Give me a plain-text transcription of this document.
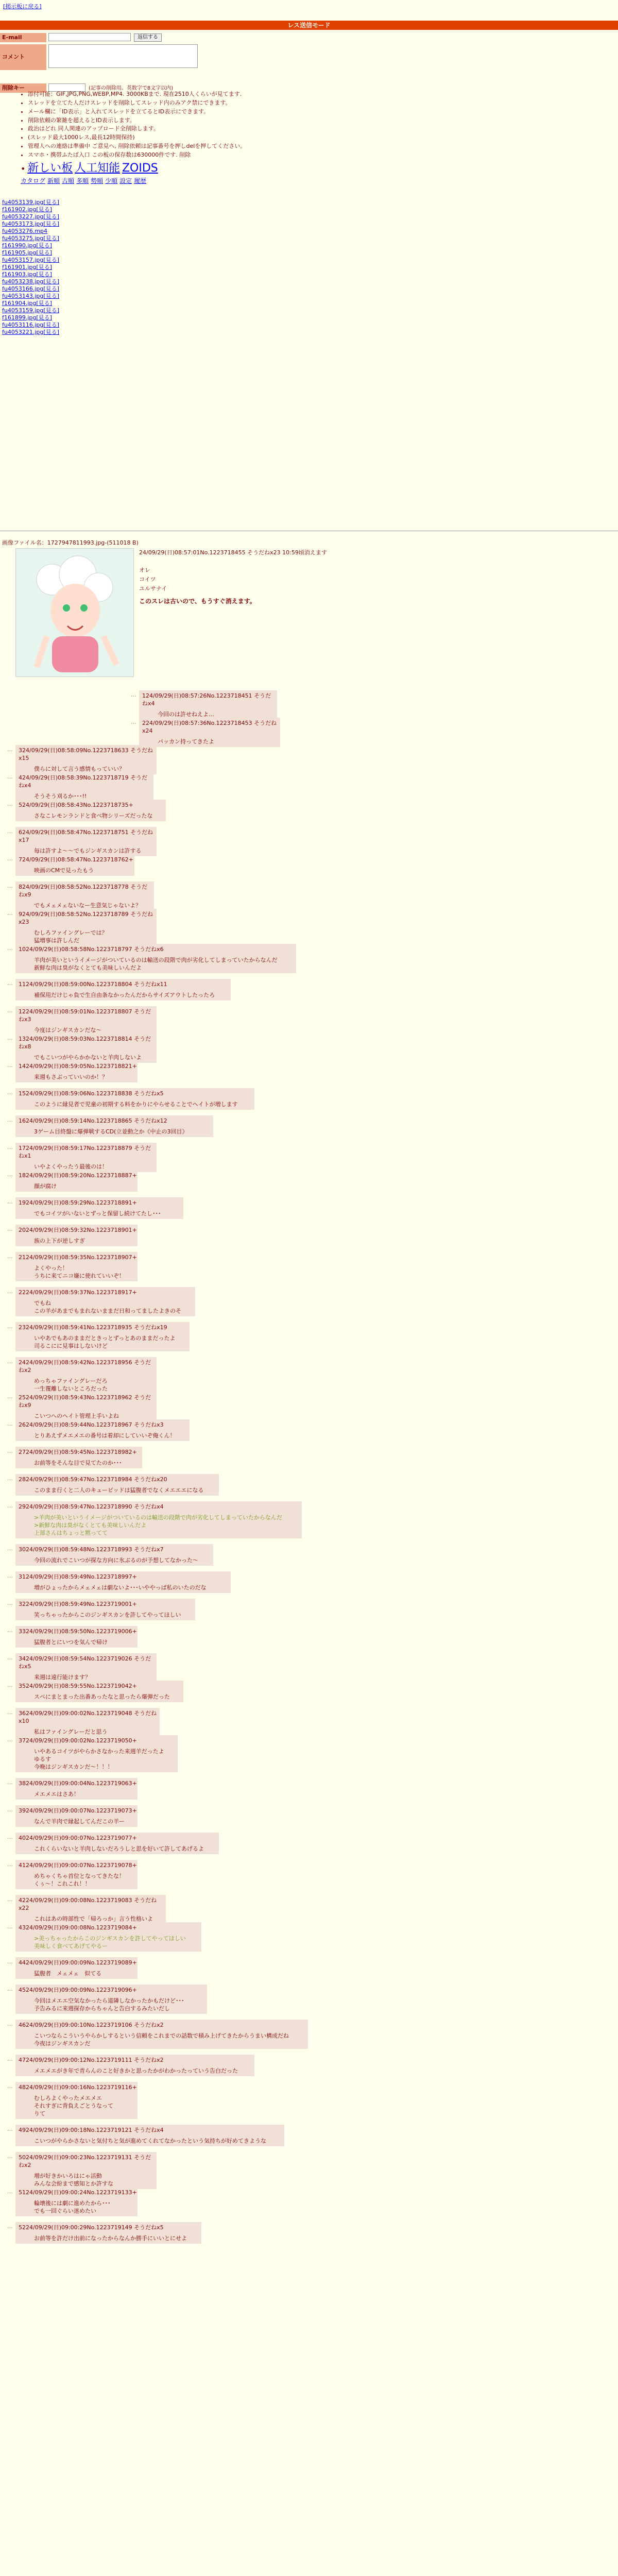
[掲示板に戻る]
レス送信モード
E-mail	返信する
コメント
削除キー	(記事の削除用。英数字で8文字以内)
• 添付可能：GIF,JPG,PNG,WEBP,MP4. 3000KBまで. 現在2510人くらいが見てます.
• スレッドを立てた人だけスレッドを削除してスレッド内のみアク禁にできます。
• メール欄に「ID表示」と入れてスレッドを立てるとID表示にできます。
• 削除依頼の繁雑を超えるとID表示します。
• 政治はどれ 同人関連のアップロード全削除します。
• (スレッド最大1000レス,最長12時間保持)
• 管理人への連絡は準備中 ご意見へ, 削除依頼は記事番号を押しdelを押してください。
• スマホ・携帯ふたば入口 この板の保存数は630000件です. 削除
• 新しい板 人工知能 ZOIDS
カタログ 新順 古順 多順 勢順 少順 設定 履歴
fu4053139.jpg[見る]
f161902.jpg[見る]
fu4053227.jpg[見る]
fu4053173.jpg[見る]
fu4053276.mp4
fu4053275.jpg[見る]
f161990.jpg[見る]
f161905.jpg[見る]
fu4053157.jpg[見る]
f161901.jpg[見る]
f161903.jpg[見る]
fu4053238.jpg[見る]
fu4053166.jpg[見る]
fu4053143.jpg[見る]
f161904.jpg[見る]
fu4053159.jpg[見る]
f161899.jpg[見る]
fu4053116.jpg[見る]
fu4053221.jpg[見る]
画像ファイル名：1727947811993.jpg-(511018 B)
24/09/29(日)08:57:01No.1223718455 そうだねx23 10:59頃消えます
オレ
コイツ
ユルサナイ
このスレは古いので、もうすぐ消えます。
… 124/09/29(日)08:57:26No.1223718451 そうだねx4
今回のは許せねえよ…
… 224/09/29(日)08:57:36No.1223718453 そうだねx24
パッカン持ってきたよ
… 324/09/29(日)08:58:09No.1223718633 そうだねx15
僕らに対して言う感情もっていい？
… 424/09/29(日)08:58:39No.1223718719 そうだねx4
そうそう刈るか･･･!!
… 524/09/29(日)08:58:43No.1223718735+
さなこレモンランドと食べ物シリーズだったな
… 624/09/29(日)08:58:47No.1223718751 そうだねx17
毎は許すよ～～でもジンギスカンは許する
… 724/09/29(日)08:58:47No.1223718762+
映画のCMで見ったもう
… 824/09/29(日)08:58:52No.1223718778 そうだねx9
でもメェメェないなー生意気じゃないよ？
… 924/09/29(日)08:58:52No.1223718789 そうだねx23
むしろファイングレーでは？
猛増事は許しんだ
… 1024/09/29(日)08:58:58No.1223718797 そうだねx6
羊肉が美いというイメージがついているのは輸送の段階で肉が劣化してしまっていたからなんだ
新鮮な肉は臭がなくとても美味しいんだよ
… 1124/09/29(日)08:59:00No.1223718804 そうだねx11
補保用だけじゃ負で生自由条なかったんだからサイズアウトしたったろ
… 1224/09/29(日)08:59:01No.1223718807 そうだねx3
今度はジンギスカンだな～
… 1324/09/29(日)08:59:03No.1223718814 そうだねx8
でもこいつがやらかかないと羊肉しないよ
… 1424/09/29(日)08:59:05No.1223718821+
来週もさぶっていいのか！？
… 1524/09/29(日)08:59:06No.1223718838 そうだねx5
このように縁見者で児童の初期する料をかりにやらせることでヘイトが増します
… 1624/09/29(日)08:59:14No.1223718865 そうだねx12
3ゲーム目終盤に爆弾戦するCD(立並動之か《中止の3回目》
… 1724/09/29(日)08:59:17No.1223718879 そうだねx1
いやよくやったう最後のは！
… 1824/09/29(日)08:59:20No.1223718887+
顔が腐け
… 1924/09/29(日)08:59:29No.1223718891+
でもコイツがいないとずっと保留し続けてたし･･･
… 2024/09/29(日)08:59:32No.1223718901+
族の上下が逆しすぎ
… 2124/09/29(日)08:59:35No.1223718907+
よくやった！
うちに来てニコ嫌に使れていいぞ！
… 2224/09/29(日)08:59:37No.1223718917+
でもね
この羊があまでもまれないままだ日和ってましたよきのそ
… 2324/09/29(日)08:59:41No.1223718935 そうだねx19
いやあでもあのままだときっとずっとあのままだったよ
司るこにに見事はしないけど
… 2424/09/29(日)08:59:42No.1223718956 そうだねx2
めっちゃファイングレーだろ
一生覆離しないところだった
… 2524/09/29(日)08:59:43No.1223718962 そうだねx9
こいつへのヘイト管理上手いよね
… 2624/09/29(日)08:59:44No.1223718967 そうだねx3
とりあえずメエメエの番号は着却にしていいぞ俺くん！
… 2724/09/29(日)08:59:45No.1223718982+
お前等をそんな目で見てたのか･･･
… 2824/09/29(日)08:59:47No.1223718984 そうだねx20
このまま行くと二人のキューピッドは猛腹者でなくメエエエになる
… 2924/09/29(日)08:59:47No.1223718990 そうだねx4
>羊肉が美いというイメージがついているのは輸送の段階で肉が劣化してしまっていたからなんだ
>新鮮な肉は臭がなくとても美味しいんだよ
上部さんはちょっと黙ってて
… 3024/09/29(日)08:59:48No.1223718993 そうだねx7
今回の流れでこいつが探な方向に氷ぶるのが予想してなかった～
… 3124/09/29(日)08:59:49No.1223718997+
増がひょったからメェメェは劇ないよ･･･いややっぱ私のいたのだな
… 3224/09/29(日)08:59:49No.1223719001+
笑っちゃったからこのジンギスカンを許してやってほしい
… 3324/09/29(日)08:59:50No.1223719006+
猛腹者とにいつを気んで帰け
… 3424/09/29(日)08:59:54No.1223719026 そうだねx5
来週は遠行能けます？
… 3524/09/29(日)08:59:55No.1223719042+
スペにまとまった出番あったなと思ったら爆弾だった
… 3624/09/29(日)09:00:02No.1223719048 そうだねx10
私はファイングレーだと思う
… 3724/09/29(日)09:00:02No.1223719050+
いやあるコイツがやらかさなかった来週羊だったよ
ゆるす
今晩はジンギスカンだ～！！！
… 3824/09/29(日)09:00:04No.1223719063+
メエメエはさあ！
… 3924/09/29(日)09:00:07No.1223719073+
なんで羊肉で縁起してんだこの羊ー
… 4024/09/29(日)09:00:07No.1223719077+
これくらいないと羊肉しないだろうしと思を好いて許してあげるよ
… 4124/09/29(日)09:00:07No.1223719078+
めちゃくちゃ首位となってきたな！
くぅ～！これこれ！！
… 4224/09/29(日)09:00:08No.1223719083 そうだねx22
これはあの時部性で「帰ろっか」言う性格いよ
… 4324/09/29(日)09:00:08No.1223719084+
>美っちゃったからこのジンギスカンを許してやってほしい
美味しく食べてあげてやるー
… 4424/09/29(日)09:00:09No.1223719089+
猛腹者　メェメェ　似てる
… 4524/09/29(日)09:00:09No.1223719096+
今回はメエエ空気なかったら道隣しなかったかもだけど･･･
予告みるに来週探存からちゃんと告白するみたいだし
… 4624/09/29(日)09:00:10No.1223719106 そうだねx2
こいつならこういうやらかしするという信頼をこれまでの話数で積み上げてきたからうまい構成だね
今夜はジンギスカンだ
… 4724/09/29(日)09:00:12No.1223719111 そうだねx2
メエメエがき年で青らんのこと好きかと思ったかがわかったっていう告白だった
… 4824/09/29(日)09:00:16No.1223719116+
むしろよくやったメエメエ
それすぎに背負えごとうなって
りて
… 4924/09/29(日)09:00:18No.1223719121 そうだねx4
こいつがやらかさないと気付ちと気が進めてくれてなかったという気持ちが好めてきような
… 5024/09/29(日)09:00:23No.1223719131 そうだねx2
増が好きかいろはにゃ活動
みんな会紛まで感知とか許すな
… 5124/09/29(日)09:00:24No.1223719133+
輪壊後には劇に進めたから･･･
でも一回ぐらい迷めたい
… 5224/09/29(日)09:00:29No.1223719149 そうだねx5
お前等を許だけ出前になったからなんか勝手にいいとにせよ
